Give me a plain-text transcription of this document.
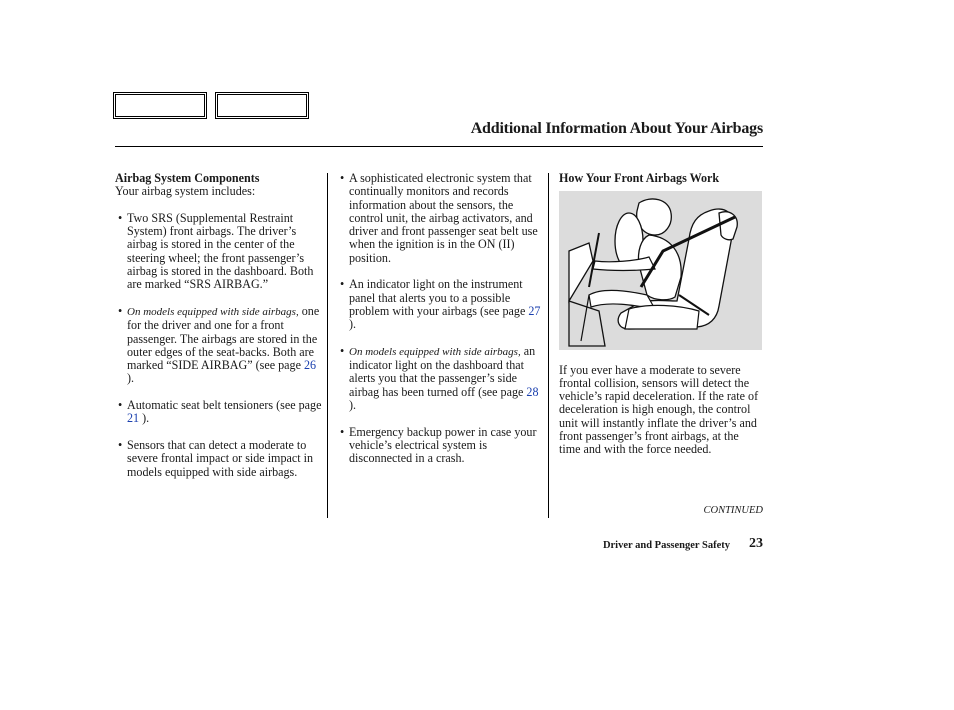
Additional Information About Your Airbags
Airbag System Components
Your airbag system includes:
• Two SRS (Supplemental Restraint System) front airbags. The driver’s airbag is stored in the center of the steering wheel; the front passenger’s airbag is stored in the dashboard. Both are marked “SRS AIRBAG.”
• On models equipped with side airbags, one for the driver and one for a front passenger. The airbags are stored in the outer edges of the seat-backs. Both are marked “SIDE AIRBAG” (see page 26 ).
• Automatic seat belt tensioners (see page 21 ).
• Sensors that can detect a moderate to severe frontal impact or side impact in models equipped with side airbags.
• A sophisticated electronic system that continually monitors and records information about the sensors, the control unit, the airbag activators, and driver and front passenger seat belt use when the ignition is in the ON (II) position.
• An indicator light on the instrument panel that alerts you to a possible problem with your airbags (see page 27 ).
• On models equipped with side airbags, an indicator light on the dashboard that alerts you that the passenger’s side airbag has been turned off (see page 28 ).
• Emergency backup power in case your vehicle’s electrical system is disconnected in a crash.
How Your Front Airbags Work
If you ever have a moderate to severe frontal collision, sensors will detect the vehicle’s rapid deceleration. If the rate of deceleration is high enough, the control unit will instantly inflate the driver’s and front passenger’s front airbags, at the time and with the force needed.
CONTINUED
Driver and Passenger Safety	23
